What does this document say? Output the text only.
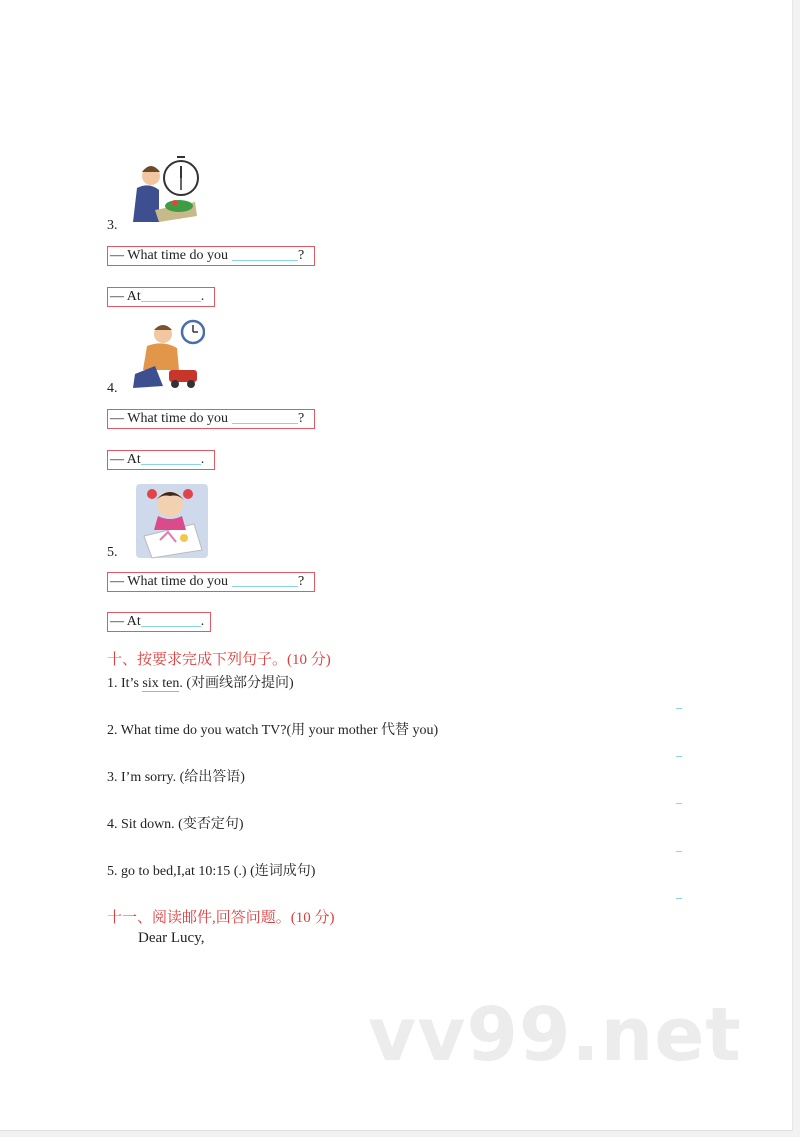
3.
— What time do you	?
— At	.
4.
— What time do you	?
— At	.
5.
— What time do you	?
— At	.
十、按要求完成下列句子。(10 分)
1. It’s six ten. (对画线部分提问)
2. What time do you watch TV?(用 your mother 代替 you)
3. I’m sorry. (给出答语)
4. Sit down. (变否定句)
5. go to bed,I,at 10:15 (.) (连词成句)
十一、阅读邮件,回答问题。(10 分)
Dear Lucy,
vv99.net
